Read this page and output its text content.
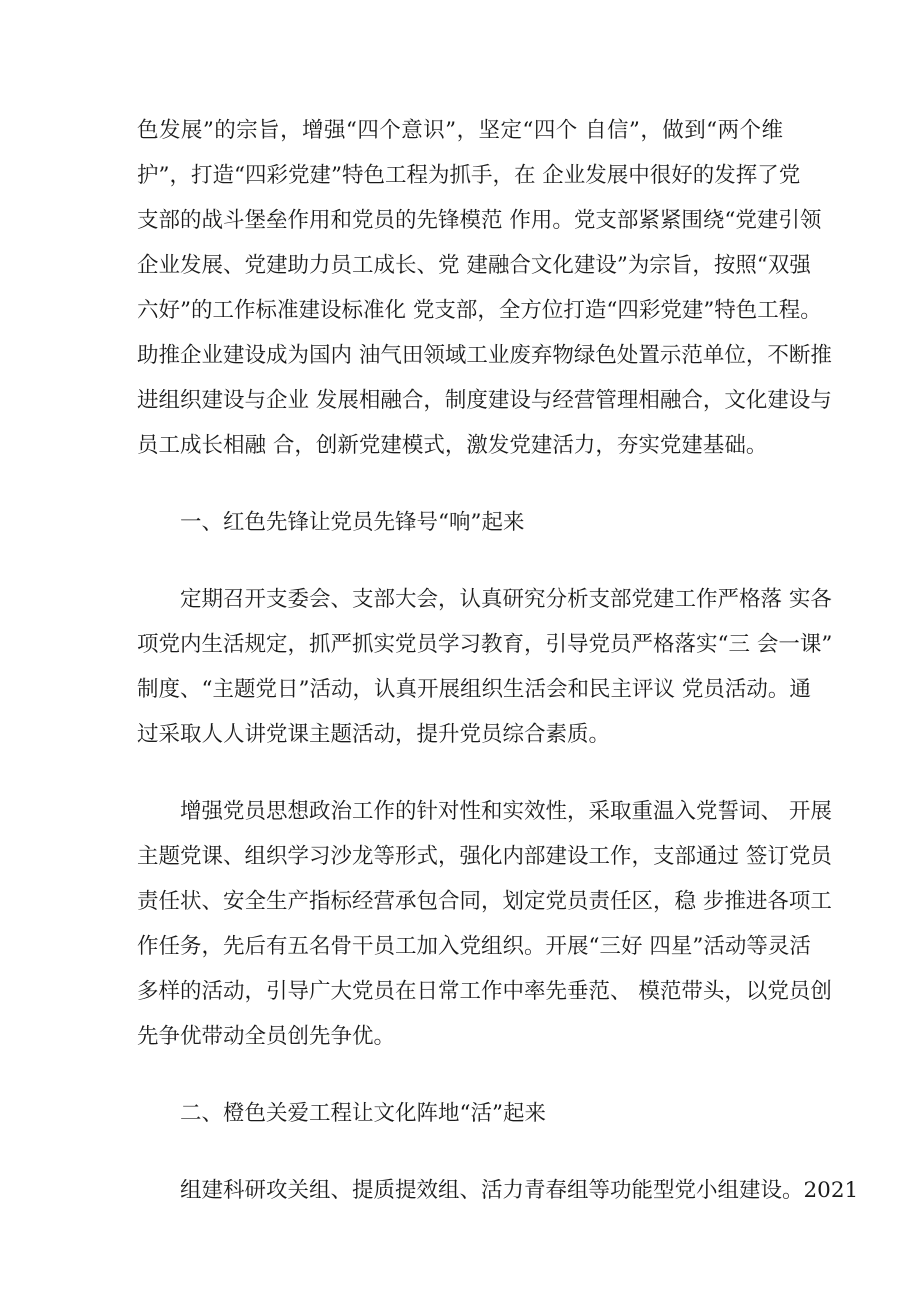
色发展”的宗旨，增强“四个意识”，坚定“四个 自信”，做到“两个维
护”，打造“四彩党建”特色工程为抓手，在 企业发展中很好的发挥了党
支部的战斗堡垒作用和党员的先锋模范 作用。党支部紧紧围绕“党建引领
企业发展、党建助力员工成长、党 建融合文化建设”为宗旨，按照“双强
六好”的工作标准建设标准化 党支部，全方位打造“四彩党建”特色工程。
助推企业建设成为国内 油气田领域工业废弃物绿色处置示范单位，不断推
进组织建设与企业 发展相融合，制度建设与经营管理相融合，文化建设与
员工成长相融 合，创新党建模式，激发党建活力，夯实党建基础。
一、红色先锋让党员先锋号“响”起来
定期召开支委会、支部大会，认真研究分析支部党建工作严格落 实各
项党内生活规定，抓严抓实党员学习教育，引导党员严格落实“三 会一课”
制度、“主题党日”活动，认真开展组织生活会和民主评议 党员活动。通
过采取人人讲党课主题活动，提升党员综合素质。
增强党员思想政治工作的针对性和实效性，采取重温入党誓词、 开展
主题党课、组织学习沙龙等形式，强化内部建设工作，支部通过 签订党员
责任状、安全生产指标经营承包合同，划定党员责任区，稳 步推进各项工
作任务，先后有五名骨干员工加入党组织。开展“三好 四星”活动等灵活
多样的活动，引导广大党员在日常工作中率先垂范、 模范带头，以党员创
先争优带动全员创先争优。
二、橙色关爱工程让文化阵地“活”起来
组建科研攻关组、提质提效组、活力青春组等功能型党小组建设。2021
